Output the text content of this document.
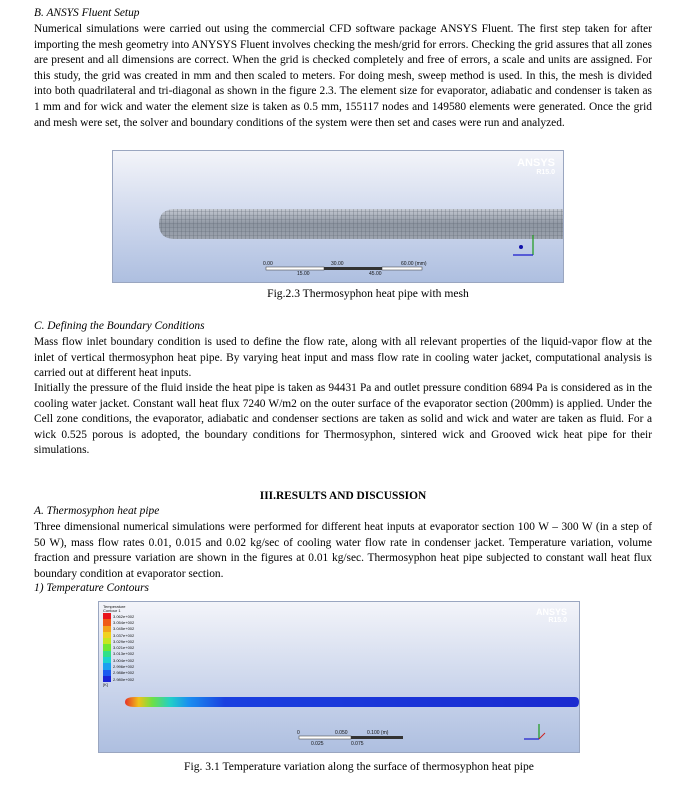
B. ANSYS Fluent Setup
Numerical simulations were carried out using the commercial CFD software package ANSYS Fluent. The first step taken for after importing the mesh geometry into ANYSYS Fluent involves checking the mesh/grid for errors. Checking the grid assures that all zones are present and all dimensions are correct. When the grid is checked completely and free of errors, a scale and units are assigned. For this study, the grid was created in mm and then scaled to meters. For doing mesh, sweep method is used. In this, the mesh is divided into both quadrilateral and tri-diagonal as shown in the figure 2.3. The element size for evaporator, adiabatic and condenser is taken as 1 mm and for wick and water the element size is taken as 0.5 mm, 155117 nodes and 149580 elements were generated. Once the grid and mesh were set, the solver and boundary conditions of the system were then set and cases were run and analyzed.
ANSYS
R15.0
0.00	30.00	60.00 (mm)
15.00	45.00
Fig.2.3 Thermosyphon heat pipe with mesh
C. Defining the Boundary Conditions
Mass flow inlet boundary condition is used to define the flow rate, along with all relevant properties of the liquid-vapor flow at the inlet of vertical thermosyphon heat pipe. By varying heat input and mass flow rate in cooling water jacket, computational analysis is carried out at different heat inputs.
Initially the pressure of the fluid inside the heat pipe is taken as 94431 Pa and outlet pressure condition 6894 Pa is considered as in the cooling water jacket. Constant wall heat flux 7240 W/m2 on the outer surface of the evaporator section (200mm) is applied. Under the Cell zone conditions, the evaporator, adiabatic and condenser sections are taken as solid and wick and water are taken as fluid. For a wick 0.525 porous is adopted, the boundary conditions for Thermosyphon, sintered wick and Grooved wick heat pipe for their simulations.
III.RESULTS AND DISCUSSION
A. Thermosyphon heat pipe
Three dimensional numerical simulations were performed for different heat inputs at evaporator section 100 W – 300 W (in a step of 50 W), mass flow rates 0.01, 0.015 and 0.02 kg/sec of cooling water flow rate in condenser jacket. Temperature variation, volume fraction and pressure variation are shown in the figures at 0.01 kg/sec. Thermosyphon heat pipe subjected to constant wall heat flux boundary condition at evaporator section.
1) Temperature Contours
ANSYS
R15.0
Temperature
Contour 1
3.062e+002
3.054e+002
3.045e+002
3.037e+002
3.029e+002
3.021e+002
3.013e+002
3.004e+002
2.996e+002
2.988e+002
2.980e+002
[K]
0	0.050	0.100 (m)
0.025	0.075
Fig. 3.1 Temperature variation along the surface of thermosyphon heat pipe
